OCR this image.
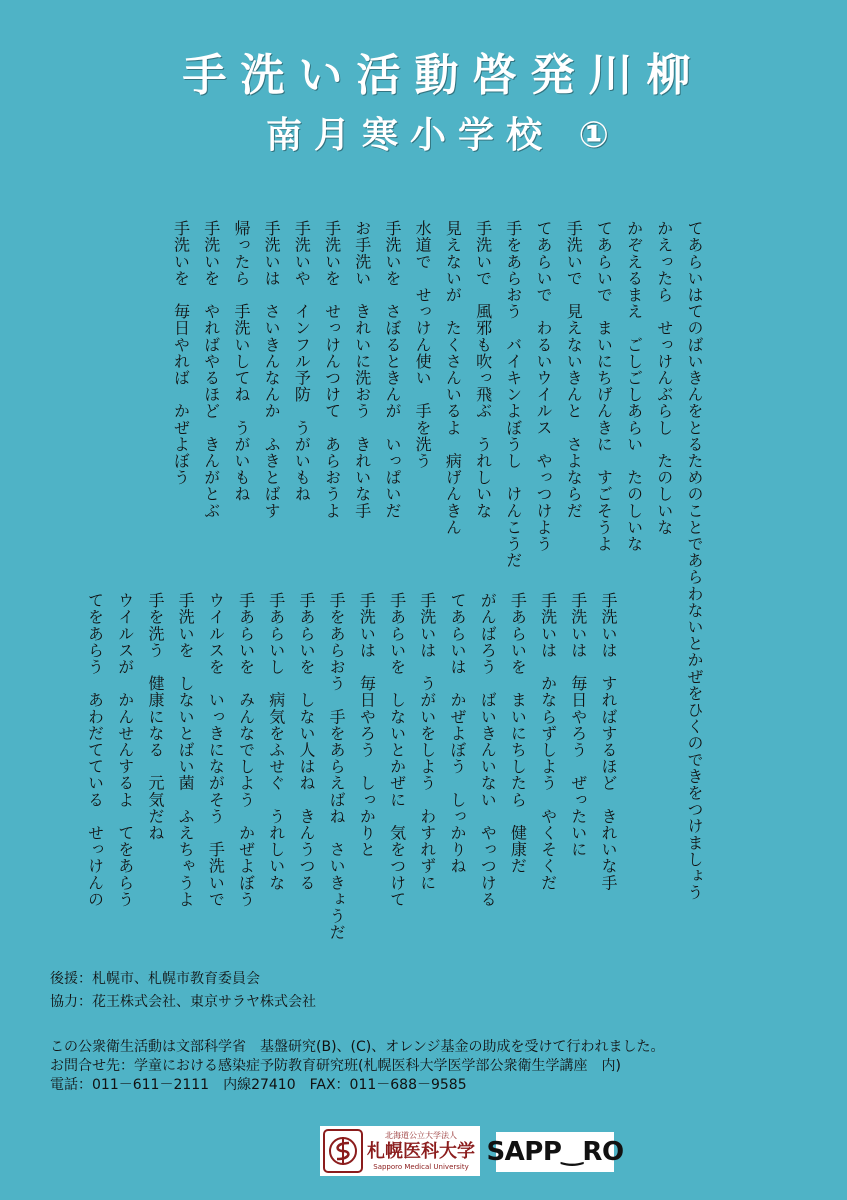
手洗い活動啓発川柳
南月寒小学校 ①
てあらいはてのばいきんをとるためのことであらわないとかぜをひくのできをつけましょう
かえったら　せっけんぶらし　たのしいな
かぞえるまえ　ごしごしあらい　たのしいな
てあらいで　まいにちげんきに　すごそうよ
手洗いで　見えないきんと　さよならだ
てあらいで　わるいウイルス　やっつけよう
手をあらおう　バイキンよぼうし　けんこうだ
手洗いで　風邪も吹っ飛ぶ　うれしいな
見えないが　たくさんいるよ　病げんきん
水道で　せっけん使い　手を洗う
手洗いを　さぼるときんが　いっぱいだ
お手洗い　きれいに洗おう　きれいな手
手洗いを　せっけんつけて　あらおうよ
手洗いや　インフル予防　うがいもね
手洗いは　さいきんなんか　ふきとばす
帰ったら　手洗いしてね　うがいもね
手洗いを　やればやるほど　きんがとぶ
手洗いを　毎日やれば　かぜよぼう
手洗いは　すればするほど　きれいな手
手洗いは　毎日やろう　ぜったいに
手洗いは　かならずしよう　やくそくだ
手あらいを　まいにちしたら　健康だ
がんばろう　ばいきんいない　やっつける
てあらいは　かぜよぼう　しっかりね
手洗いは　うがいをしよう　わすれずに
手あらいを　しないとかぜに　気をつけて
手洗いは　毎日やろう　しっかりと
手をあらおう　手をあらえばね　さいきょうだ
手あらいを　しない人はね　きんうつる
手あらいし　病気をふせぐ　うれしいな
手あらいを　みんなでしよう　かぜよぼう
ウイルスを　いっきにながそう　手洗いで
手洗いを　しないとばい菌　ふえちゃうよ
手を洗う　健康になる　元気だね
ウイルスが　かんせんするよ　てをあらう
てをあらう　あわだてている　せっけんの
後援：札幌市、札幌市教育委員会
協力：花王株式会社、東京サラヤ株式会社
この公衆衛生活動は文部科学省　基盤研究(B)、(C)、オレンジ基金の助成を受けて行われました。
お問合せ先：学童における感染症予防教育研究班(札幌医科大学医学部公衆衛生学講座　内)
電話：011－611－2111　内線27410　FAX：011－688－9585
北海道公立大学法人
札幌医科大学
Sapporo Medical University SAPP‿RO
